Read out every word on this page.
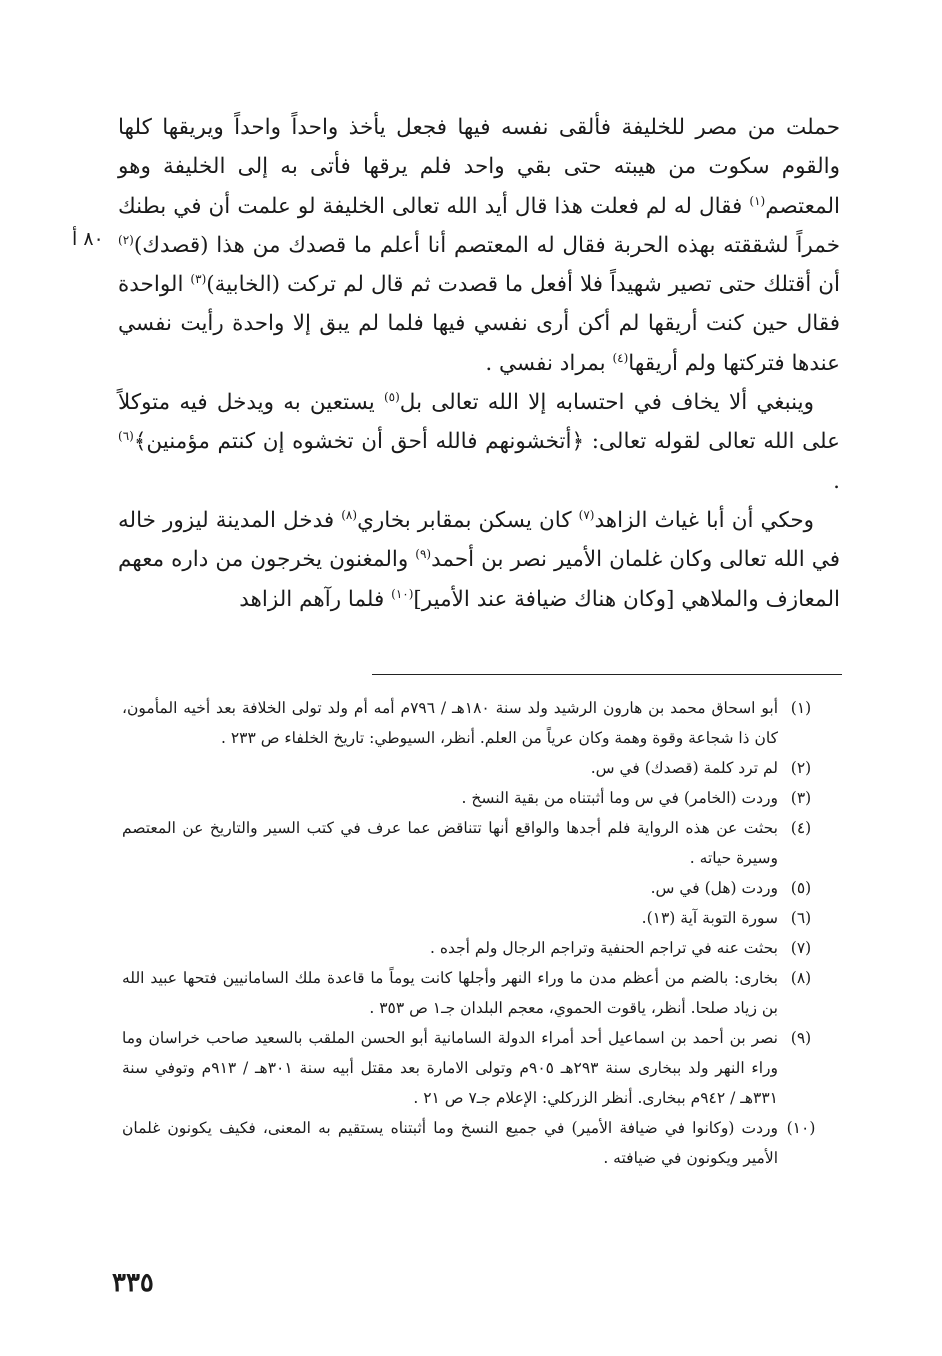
حملت من مصر للخليفة فألقى نفسه فيها فجعل يأخذ واحداً واحداً ويريقها كلها والقوم سكوت من هيبته حتى بقي واحد فلم يرقها فأتى به إلى الخليفة وهو المعتصم$^{(١)}$ فقال له لم فعلت هذا قال أيد الله تعالى الخليفة لو علمت أن في بطنك خمراً لشققته بهذه الحربة فقال له المعتصم أنا أعلم ما قصدك من هذا (قصدك)$^{(٢)}$ أن أقتلك حتى تصير شهيداً فلا أفعل ما قصدت ثم قال لم تركت (الخابية)$^{(٣)}$ الواحدة فقال حين كنت أريقها لم أكن أرى نفسي فيها فلما لم يبق إلا واحدة رأيت نفسي عندها فتركتها ولم أريقها$^{(٤)}$ بمراد نفسي .

وينبغي ألا يخاف في احتسابه إلا الله تعالى بل$^{(٥)}$ يستعين به ويدخل فيه متوكلاً على الله تعالى لقوله تعالى: ﴿أتخشونهم فالله أحق أن تخشوه إن كنتم مؤمنين﴾$^{(٦)}$ .

وحكي أن أبا غياث الزاهد$^{(٧)}$ كان يسكن بمقابر بخاري$^{(٨)}$ فدخل المدينة ليزور خاله في الله تعالى وكان غلمان الأمير نصر بن أحمد$^{(٩)}$ والمغنون يخرجون من داره معهم المعازف والملاهي [وكان هناك ضيافة عند الأمير]$^{(١٠)}$ فلما رآهم الزاهد

٨٠ أ
(١)
أبو اسحاق محمد بن هارون الرشيد ولد سنة ١٨٠هـ / ٧٩٦م أمه أم ولد تولى الخلافة بعد أخيه المأمون، كان ذا شجاعة وقوة وهمة وكان عرياً من العلم. أنظر، السيوطي: تاريخ الخلفاء ص ٢٣٣ .
(٢)
لم ترد كلمة (قصدك) في س.
(٣)
وردت (الخامر) في س وما أثبتناه من بقية النسخ .
(٤)
بحثت عن هذه الرواية فلم أجدها والواقع أنها تتناقض عما عرف في كتب السير والتاريخ عن المعتصم وسيرة حياته .
(٥)
وردت (هل) في س.
(٦)
سورة التوبة آية (١٣).
(٧)
بحثت عنه في تراجم الحنفية وتراجم الرجال ولم أجده .
(٨)
بخارى: بالضم من أعظم مدن ما وراء النهر وأجلها كانت يوماً ما قاعدة ملك السامانيين فتحها عبيد الله بن زياد صلحا. أنظر، ياقوت الحموي، معجم البلدان جـ١ ص ٣٥٣ .
(٩)
نصر بن أحمد بن اسماعيل أحد أمراء الدولة السامانية أبو الحسن الملقب بالسعيد صاحب خراسان وما وراء النهر ولد ببخارى سنة ٢٩٣هـ ٩٠٥م وتولى الامارة بعد مقتل أبيه سنة ٣٠١هـ / ٩١٣م وتوفي سنة ٣٣١هـ / ٩٤٢م ببخارى. أنظر الزركلي: الإعلام جـ٧ ص ٢١ .
(١٠)
وردت (وكانوا في ضيافة الأمير) في جميع النسخ وما أثبتناه يستقيم به المعنى، فكيف يكونون غلمان الأمير ويكونون في ضيافته .
٣٣٥
